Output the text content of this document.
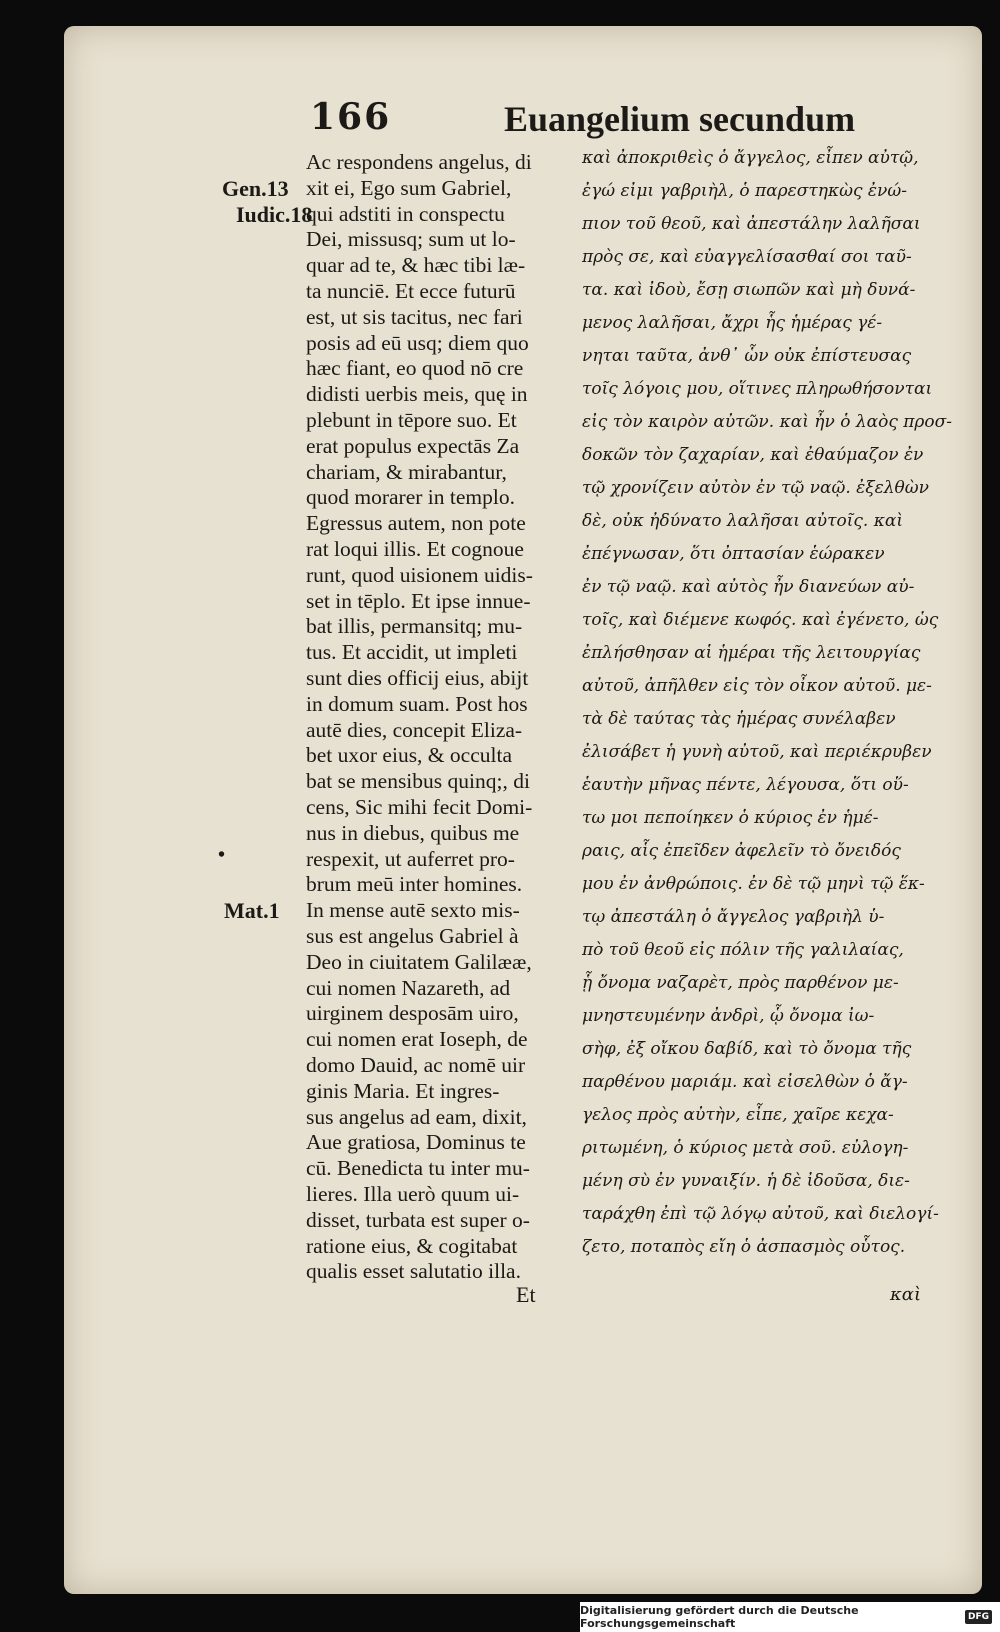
166	Euangelium secundum
Gen.13
Iudic.18
•
Mat.1
Ac respondens angelus, di
xit ei, Ego sum Gabriel,
qui adstiti in conspectu
Dei, missusq; sum ut lo-
quar ad te, & hæc tibi læ-
ta nunciē. Et ecce futurū
est, ut sis tacitus, nec fari
posis ad eū usq; diem quo
hæc fiant, eo quod nō cre
didisti uerbis meis, quę in
plebunt in tēpore suo. Et
erat populus expectās Za
chariam, & mirabantur,
quod morarer in templo.
Egressus autem, non pote
rat loqui illis. Et cognoue
runt, quod uisionem uidis-
set in tēplo. Et ipse innue-
bat illis, permansitq; mu-
tus. Et accidit, ut impleti
sunt dies officij eius, abijt
in domum suam. Post hos
autē dies, concepit Eliza-
bet uxor eius, & occulta
bat se mensibus quinq;, di
cens, Sic mihi fecit Domi-
nus in diebus, quibus me
respexit, ut auferret pro-
brum meū inter homines.
In mense autē sexto mis-
sus est angelus Gabriel à
Deo in ciuitatem Galilææ,
cui nomen Nazareth, ad
uirginem desposām uiro,
cui nomen erat Ioseph, de
domo Dauid, ac nomē uir
ginis Maria. Et ingres-
sus angelus ad eam, dixit,
Aue gratiosa, Dominus te
cū. Benedicta tu inter mu-
lieres. Illa uerò quum ui-
disset, turbata est super o-
ratione eius, & cogitabat
qualis esset salutatio illa.
Et
καὶ ἀποκριθεὶς ὁ ἄγγελος, εἶπεν αὐτῷ,
ἐγώ εἰμι γαβριὴλ, ὁ παρεστηκὼς ἐνώ-
πιον τοῦ θεοῦ, καὶ ἀπεστάλην λαλῆσαι
πρὸς σε, καὶ εὐαγγελίσασθαί σοι ταῦ-
τα. καὶ ἰδοὺ, ἔσῃ σιωπῶν καὶ μὴ δυνά-
μενος λαλῆσαι, ἄχρι ἧς ἡμέρας γέ-
νηται ταῦτα, ἀνθ᾽ ὧν οὐκ ἐπίστευσας
τοῖς λόγοις μου, οἵτινες πληρωθήσονται
εἰς τὸν καιρὸν αὐτῶν. καὶ ἦν ὁ λαὸς προσ-
δοκῶν τὸν ζαχαρίαν, καὶ ἐθαύμαζον ἐν
τῷ χρονίζειν αὐτὸν ἐν τῷ ναῷ. ἐξελθὼν
δὲ, οὐκ ἠδύνατο λαλῆσαι αὐτοῖς. καὶ
ἐπέγνωσαν, ὅτι ὀπτασίαν ἑώρακεν
ἐν τῷ ναῷ. καὶ αὐτὸς ἦν διανεύων αὐ-
τοῖς, καὶ διέμενε κωφός. καὶ ἐγένετο, ὡς
ἐπλήσθησαν αἱ ἡμέραι τῆς λειτουργίας
αὐτοῦ, ἀπῆλθεν εἰς τὸν οἶκον αὐτοῦ. με-
τὰ δὲ ταύτας τὰς ἡμέρας συνέλαβεν
ἐλισάβετ ἡ γυνὴ αὐτοῦ, καὶ περιέκρυβεν
ἑαυτὴν μῆνας πέντε, λέγουσα, ὅτι οὕ-
τω μοι πεποίηκεν ὁ κύριος ἐν ἡμέ-
ραις, αἷς ἐπεῖδεν ἀφελεῖν τὸ ὄνειδός
μου ἐν ἀνθρώποις. ἐν δὲ τῷ μηνὶ τῷ ἕκ-
τῳ ἀπεστάλη ὁ ἄγγελος γαβριὴλ ὑ-
πὸ τοῦ θεοῦ εἰς πόλιν τῆς γαλιλαίας,
ᾗ ὄνομα ναζαρὲτ, πρὸς παρθένον με-
μνηστευμένην ἀνδρὶ, ᾧ ὄνομα ἰω-
σὴφ, ἐξ οἴκου δαβίδ, καὶ τὸ ὄνομα τῆς
παρθένου μαριάμ. καὶ εἰσελθὼν ὁ ἄγ-
γελος πρὸς αὐτὴν, εἶπε, χαῖρε κεχα-
ριτωμένη, ὁ κύριος μετὰ σοῦ. εὐλογη-
μένη σὺ ἐν γυναιξίν. ἡ δὲ ἰδοῦσα, διε-
ταράχθη ἐπὶ τῷ λόγῳ αὐτοῦ, καὶ διελογί-
ζετο, ποταπὸς εἴη ὁ ἀσπασμὸς οὗτος.
καὶ
Digitalisierung gefördert durch die Deutsche Forschungsgemeinschaft	DFG
